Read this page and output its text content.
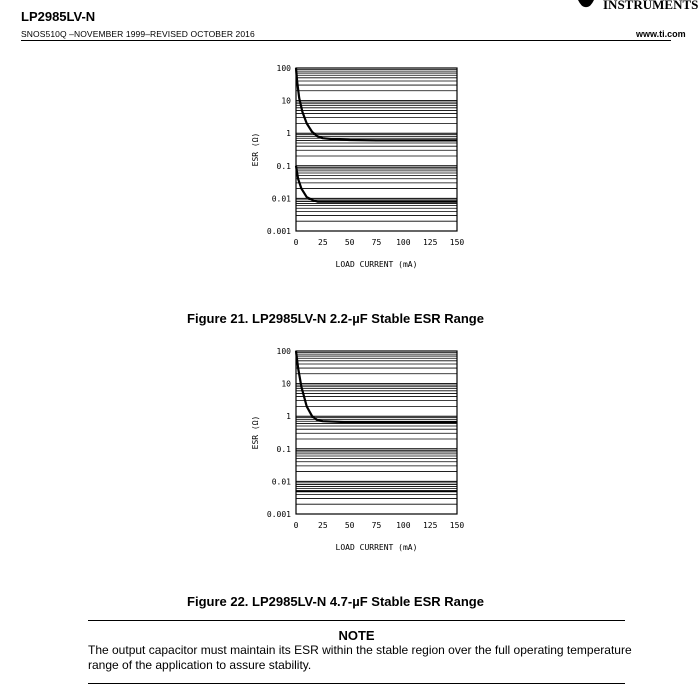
INSTRUMENTS
LP2985LV-N
SNOS510Q –NOVEMBER 1999–REVISED OCTOBER 2016	www.ti.com
100
10
1
0.1
0.01
0.001
0 25 50 75 100 125 150
LOAD CURRENT (mA)
ESR (Ω)
Figure 21. LP2985LV-N 2.2-µF Stable ESR Range
100
10
1
0.1
0.01
0.001
0 25 50 75 100 125 150
LOAD CURRENT (mA)
ESR (Ω)
Figure 22. LP2985LV-N 4.7-µF Stable ESR Range
NOTE
The output capacitor must maintain its ESR within the stable region over the full operating temperature range of the application to assure stability.
